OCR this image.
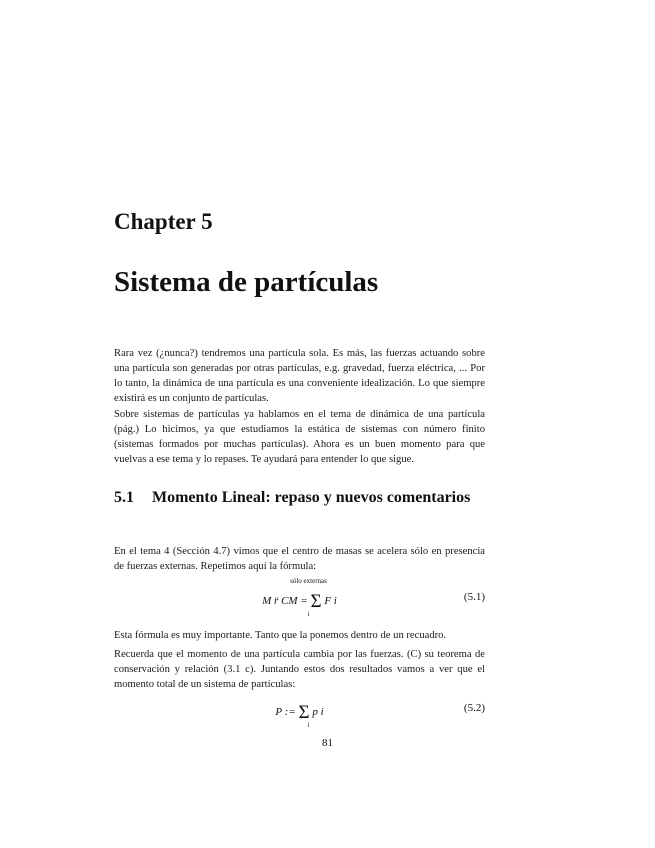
Chapter 5
Sistema de partículas

Rara vez (¿nunca?) tendremos una partícula sola. Es más, las fuerzas actuando sobre una partícula son generadas por otras partículas, e.g. gravedad, fuerza eléctrica, ... Por lo tanto, la dinámica de una partícula es una conveniente idealización. Lo que siempre existirá es un conjunto de partículas.

Sobre sistemas de partículas ya hablamos en el tema de dinámica de una partícula (pág.) Lo hicimos, ya que estudiamos la estática de sistemas con número finito (sistemas formados por muchas partículas). Ahora es un buen momento para que vuelvas a ese tema y lo repases. Te ayudará para entender lo que sigue.

5.1 Momento Lineal: repaso y nuevos comentarios

En el tema 4 (Sección 4.7) vimos que el centro de masas se acelera sólo en presencia de fuerzas externas. Repetimos aquí la fórmula:

sólo externas
M r̈ CM = Σ F i
i
(5.1)

Esta fórmula es muy importante. Tanto que la ponemos dentro de un recuadro.

Recuerda que el momento de una partícula cambia por las fuerzas. (C) su teorema de conservación y relación (3.1 c). Juntando estos dos resultados vamos a ver que el momento total de un sistema de partículas:

P := Σ p i
i
(5.2)

81
